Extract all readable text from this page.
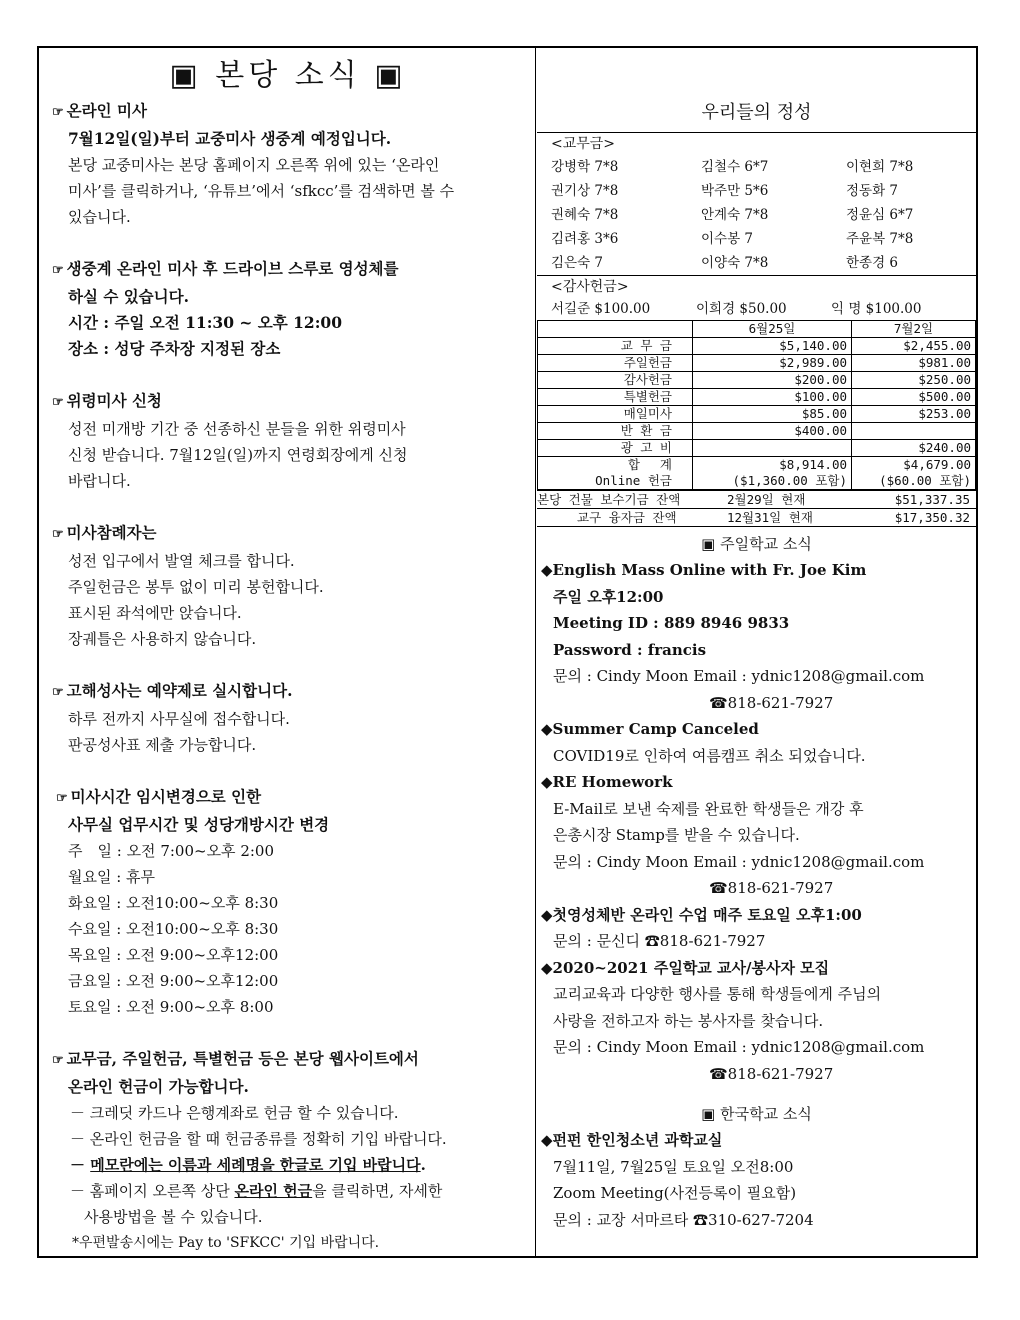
▣ 본당 소식 ▣
☞ 온라인 미사
7월12일(일)부터 교중미사 생중계 예정입니다.
본당 교중미사는 본당 홈페이지 오른쪽 위에 있는 ‘온라인
미사’를 클릭하거나, ‘유튜브’에서 ‘sfkcc’를 검색하면 볼 수
있습니다.
☞ 생중계 온라인 미사 후 드라이브 스루로 영성체를
하실 수 있습니다.
시간 : 주일 오전 11:30 ~ 오후 12:00
장소 : 성당 주차장 지정된 장소
☞ 위령미사 신청
성전 미개방 기간 중 선종하신 분들을 위한 위령미사
신청 받습니다. 7월12일(일)까지 연령회장에게 신청
바랍니다.
☞ 미사참례자는
성전 입구에서 발열 체크를 합니다.
주일헌금은 봉투 없이 미리 봉헌합니다.
표시된 좌석에만 앉습니다.
장궤틀은 사용하지 않습니다.
☞ 고해성사는 예약제로 실시합니다.
하루 전까지 사무실에 접수합니다.
판공성사표 제출 가능합니다.
☞ 미사시간 임시변경으로 인한
사무실 업무시간 및 성당개방시간 변경
주　일 : 오전 7:00~오후 2:00
월요일 : 휴무
화요일 : 오전10:00~오후 8:30
수요일 : 오전10:00~오후 8:30
목요일 : 오전 9:00~오후12:00
금요일 : 오전 9:00~오후12:00
토요일 : 오전 9:00~오후 8:00
☞ 교무금, 주일헌금, 특별헌금 등은 본당 웹사이트에서
온라인 헌금이 가능합니다.
－ 크레딧 카드나 은행계좌로 헌금 할 수 있습니다.
－ 온라인 헌금을 할 때 헌금종류를 정확히 기입 바랍니다.
－ 메모란에는 이름과 세례명을 한글로 기입 바랍니다.
－ 홈페이지 오른쪽 상단 온라인 헌금을 클릭하면, 자세한
사용방법을 볼 수 있습니다.
*우편발송시에는 Pay to 'SFKCC' 기입 바랍니다.
우리들의 정성
<교무금>
강병학 7*8	김철수 6*7	이현희 7*8
권기상 7*8	박주만 5*6	정동화 7
권혜숙 7*8	안계숙 7*8	정윤심 6*7
김려홍 3*6	이수봉 7	주윤복 7*8
김은숙 7	이양숙 7*8	한종경 6
<감사헌금>
서길준 $100.00	이희경 $50.00	익 명 $100.00
	6월25일	7월2일
교 무 금	$5,140.00	$2,455.00
주일헌금	$2,989.00	$981.00
감사헌금	$200.00	$250.00
특별헌금	$100.00	$500.00
매일미사	$85.00	$253.00
반 환 금	$400.00	
광 고 비		$240.00
합　 계	$8,914.00	$4,679.00
Online 헌금	($1,360.00 포함)	($60.00 포함)
본당 건물 보수기금 잔액	2월29일 현재	$51,337.35
교구 융자금 잔액	12월31일 현재	$17,350.32
▣ 주일학교 소식
◆English Mass Online with Fr. Joe Kim
주일 오후12:00
Meeting ID : 889 8946 9833
Password : francis
문의 : Cindy Moon Email : ydnic1208@gmail.com
☎818-621-7927
◆Summer Camp Canceled
COVID19로 인하여 여름캠프 취소 되었습니다.
◆RE Homework
E-Mail로 보낸 숙제를 완료한 학생들은 개강 후
은총시장 Stamp를 받을 수 있습니다.
문의 : Cindy Moon Email : ydnic1208@gmail.com
☎818-621-7927
◆첫영성체반 온라인 수업 매주 토요일 오후1:00
문의 : 문신디 ☎818-621-7927
◆2020~2021 주일학교 교사/봉사자 모집
교리교육과 다양한 행사를 통해 학생들에게 주님의
사랑을 전하고자 하는 봉사자를 찾습니다.
문의 : Cindy Moon Email : ydnic1208@gmail.com
☎818-621-7927
▣ 한국학교 소식
◆펀펀 한인청소년 과학교실
7월11일, 7월25일 토요일 오전8:00
Zoom Meeting(사전등록이 필요함)
문의 : 교장 서마르타 ☎310-627-7204
